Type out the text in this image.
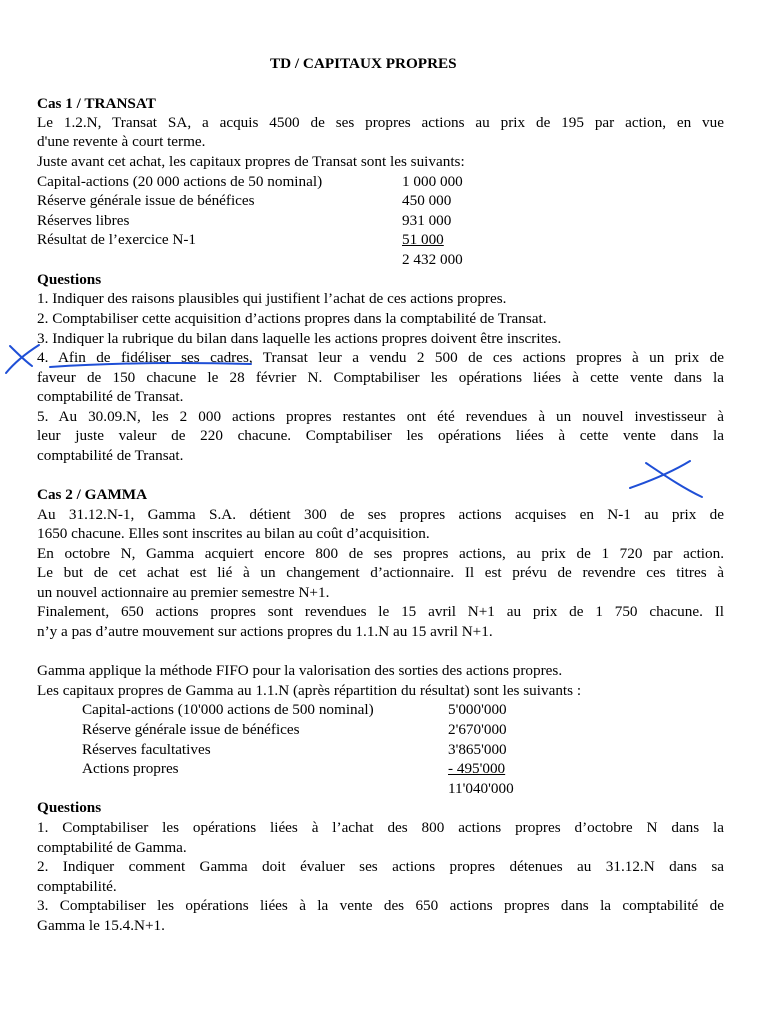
TD / CAPITAUX PROPRES
Cas 1 / TRANSAT
Le 1.2.N, Transat SA, a acquis 4500 de ses propres actions au prix de 195 par action, en vue
d'une revente à court terme.
Juste avant cet achat, les capitaux propres de Transat sont les suivants:
Capital-actions (20 000 actions de 50 nominal)	1 000 000
Réserve générale issue de bénéfices	450 000
Réserves libres	931 000
Résultat de l’exercice N-1	51 000
2 432 000
Questions
1. Indiquer des raisons plausibles qui justifient l’achat de ces actions propres.
2. Comptabiliser cette acquisition d’actions propres dans la comptabilité de Transat.
3. Indiquer la rubrique du bilan dans laquelle les actions propres doivent être inscrites.
4. Afin de fidéliser ses cadres, Transat leur a vendu 2 500 de ces actions propres à un prix de
faveur de 150 chacune le 28 février N. Comptabiliser les opérations liées à cette vente dans la
comptabilité de Transat.
5. Au 30.09.N, les 2 000 actions propres restantes ont été revendues à un nouvel investisseur à
leur juste valeur de 220 chacune. Comptabiliser les opérations liées à cette vente dans la
comptabilité de Transat.
Cas 2 / GAMMA
Au 31.12.N-1, Gamma S.A. détient 300 de ses propres actions acquises en N-1 au prix de
1650 chacune. Elles sont inscrites au bilan au coût d’acquisition.
En octobre N, Gamma acquiert encore 800 de ses propres actions, au prix de 1 720 par action.
Le but de cet achat est lié à un changement d’actionnaire. Il est prévu de revendre ces titres à
un nouvel actionnaire au premier semestre N+1.
Finalement, 650 actions propres sont revendues le 15 avril N+1 au prix de 1 750 chacune. Il
n’y a pas d’autre mouvement sur actions propres du 1.1.N au 15 avril N+1.
Gamma applique la méthode FIFO pour la valorisation des sorties des actions propres.
Les capitaux propres de Gamma au 1.1.N (après répartition du résultat) sont les suivants :
Capital-actions (10'000 actions de 500 nominal)	5'000'000
Réserve générale issue de bénéfices	2'670'000
Réserves facultatives	3'865'000
Actions propres	- 495'000
11'040'000
Questions
1. Comptabiliser les opérations liées à l’achat des 800 actions propres d’octobre N dans la
comptabilité de Gamma.
2. Indiquer comment Gamma doit évaluer ses actions propres détenues au 31.12.N dans sa
comptabilité.
3. Comptabiliser les opérations liées à la vente des 650 actions propres dans la comptabilité de
Gamma le 15.4.N+1.
